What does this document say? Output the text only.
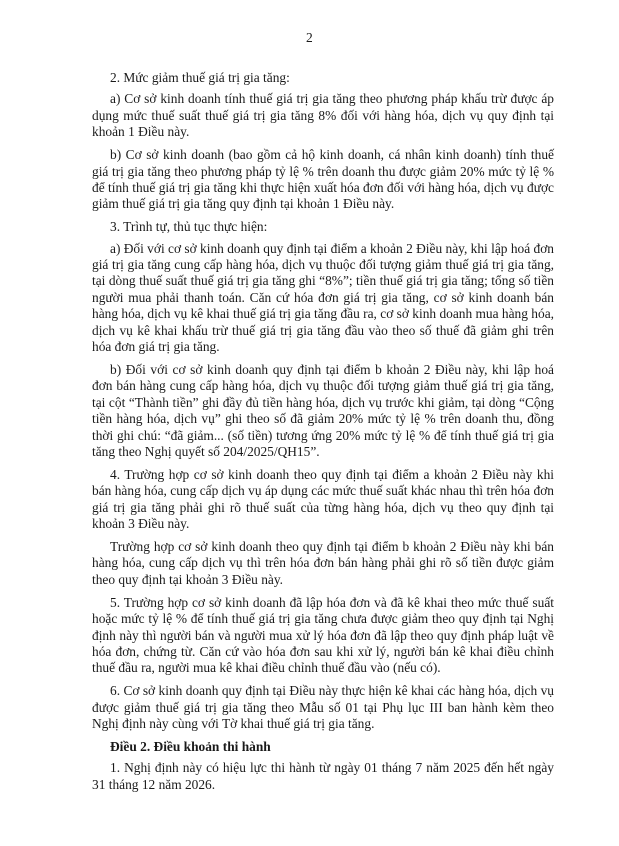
2

2. Mức giảm thuế giá trị gia tăng:

a) Cơ sở kinh doanh tính thuế giá trị gia tăng theo phương pháp khấu trừ được áp dụng mức thuế suất thuế giá trị gia tăng 8% đối với hàng hóa, dịch vụ quy định tại khoản 1 Điều này.

b) Cơ sở kinh doanh (bao gồm cả hộ kinh doanh, cá nhân kinh doanh) tính thuế giá trị gia tăng theo phương pháp tỷ lệ % trên doanh thu được giảm 20% mức tỷ lệ % để tính thuế giá trị gia tăng khi thực hiện xuất hóa đơn đối với hàng hóa, dịch vụ được giảm thuế giá trị gia tăng quy định tại khoản 1 Điều này.

3. Trình tự, thủ tục thực hiện:

a) Đối với cơ sở kinh doanh quy định tại điểm a khoản 2 Điều này, khi lập hoá đơn giá trị gia tăng cung cấp hàng hóa, dịch vụ thuộc đối tượng giảm thuế giá trị gia tăng, tại dòng thuế suất thuế giá trị gia tăng ghi “8%”; tiền thuế giá trị gia tăng; tổng số tiền người mua phải thanh toán. Căn cứ hóa đơn giá trị gia tăng, cơ sở kinh doanh bán hàng hóa, dịch vụ kê khai thuế giá trị gia tăng đầu ra, cơ sở kinh doanh mua hàng hóa, dịch vụ kê khai khấu trừ thuế giá trị gia tăng đầu vào theo số thuế đã giảm ghi trên hóa đơn giá trị gia tăng.

b) Đối với cơ sở kinh doanh quy định tại điểm b khoản 2 Điều này, khi lập hoá đơn bán hàng cung cấp hàng hóa, dịch vụ thuộc đối tượng giảm thuế giá trị gia tăng, tại cột “Thành tiền” ghi đầy đủ tiền hàng hóa, dịch vụ trước khi giảm, tại dòng “Cộng tiền hàng hóa, dịch vụ” ghi theo số đã giảm 20% mức tỷ lệ % trên doanh thu, đồng thời ghi chú: “đã giảm... (số tiền) tương ứng 20% mức tỷ lệ % để tính thuế giá trị gia tăng theo Nghị quyết số 204/2025/QH15”.

4. Trường hợp cơ sở kinh doanh theo quy định tại điểm a khoản 2 Điều này khi bán hàng hóa, cung cấp dịch vụ áp dụng các mức thuế suất khác nhau thì trên hóa đơn giá trị gia tăng phải ghi rõ thuế suất của từng hàng hóa, dịch vụ theo quy định tại khoản 3 Điều này.

Trường hợp cơ sở kinh doanh theo quy định tại điểm b khoản 2 Điều này khi bán hàng hóa, cung cấp dịch vụ thì trên hóa đơn bán hàng phải ghi rõ số tiền được giảm theo quy định tại khoản 3 Điều này.

5. Trường hợp cơ sở kinh doanh đã lập hóa đơn và đã kê khai theo mức thuế suất hoặc mức tỷ lệ % để tính thuế giá trị gia tăng chưa được giảm theo quy định tại Nghị định này thì người bán và người mua xử lý hóa đơn đã lập theo quy định pháp luật về hóa đơn, chứng từ. Căn cứ vào hóa đơn sau khi xử lý, người bán kê khai điều chỉnh thuế đầu ra, người mua kê khai điều chỉnh thuế đầu vào (nếu có).

6. Cơ sở kinh doanh quy định tại Điều này thực hiện kê khai các hàng hóa, dịch vụ được giảm thuế giá trị gia tăng theo Mẫu số 01 tại Phụ lục III ban hành kèm theo Nghị định này cùng với Tờ khai thuế giá trị gia tăng.

Điều 2. Điều khoản thi hành

1. Nghị định này có hiệu lực thi hành từ ngày 01 tháng 7 năm 2025 đến hết ngày 31 tháng 12 năm 2026.
